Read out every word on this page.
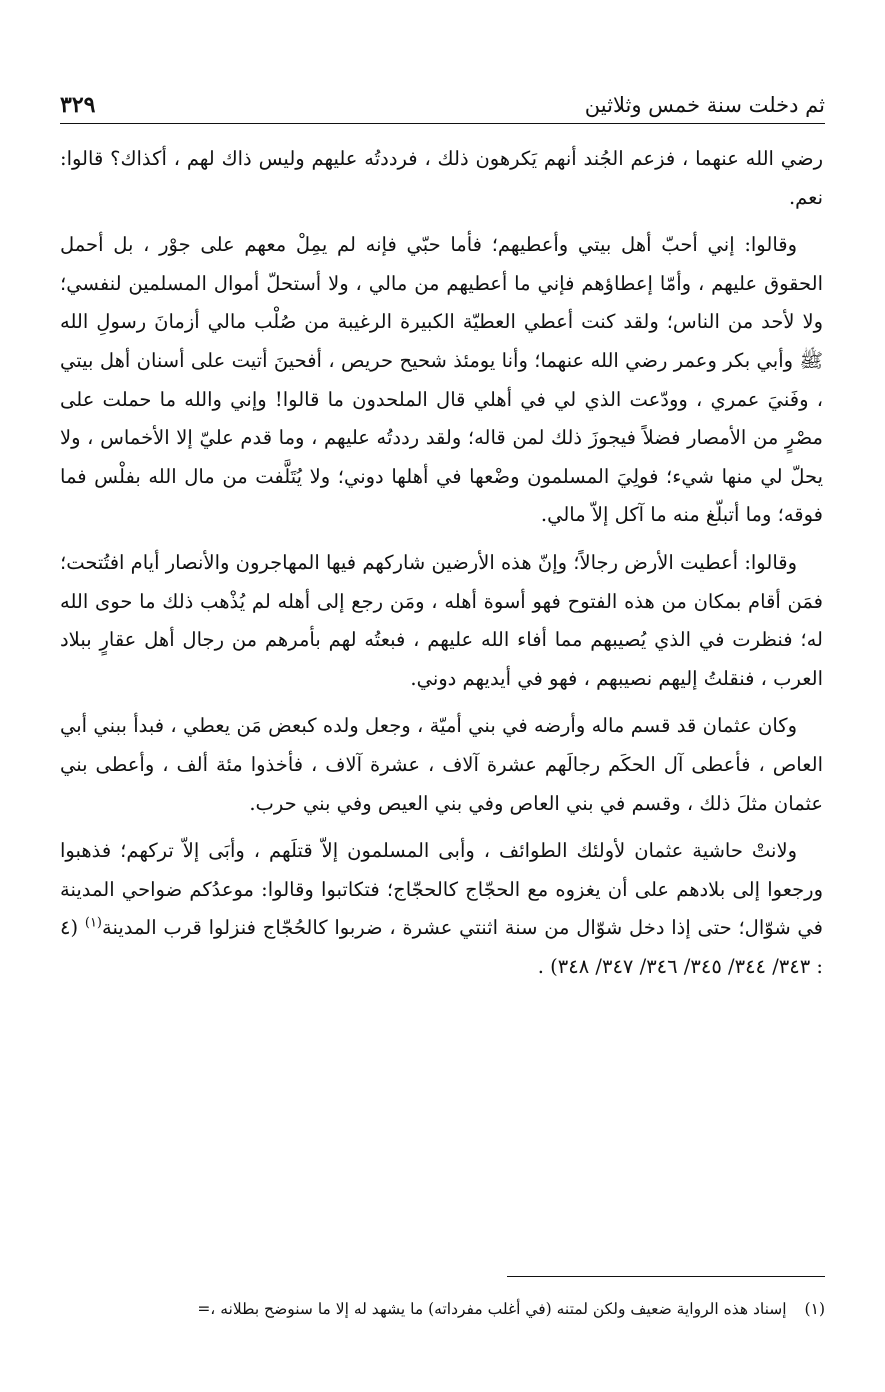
ثم دخلت سنة خمس وثلاثين
٣٢٩

رضي الله عنهما ، فزعم الجُند أنهم يَكرهون ذلك ، فرددتُه عليهم وليس ذاك لهم ، أكذاك؟ قالوا: نعم.

وقالوا: إني أحبّ أهل بيتي وأعطيهم؛ فأما حبّي فإنه لم يمِلْ معهم على جوْر ، بل أحمل الحقوق عليهم ، وأمّا إعطاؤهم فإني ما أعطيهم من مالي ، ولا أستحلّ أموال المسلمين لنفسي؛ ولا لأحد من الناس؛ ولقد كنت أعطي العطيّة الكبيرة الرغيبة من صُلْب مالي أزمانَ رسولِ الله ﷺ وأبي بكر وعمر رضي الله عنهما؛ وأنا يومئذ شحيح حريص ، أفحينَ أتيت على أسنان أهل بيتي ، وفَنيَ عمري ، وودّعت الذي لي في أهلي قال الملحدون ما قالوا! وإني والله ما حملت على مصْرٍ من الأمصار فضلاً فيجوزَ ذلك لمن قاله؛ ولقد رددتُه عليهم ، وما قدم عليّ إلا الأخماس ، ولا يحلّ لي منها شيء؛ فولِيَ المسلمون وضْعها في أهلها دوني؛ ولا يُتَلَّفت من مال الله بفلْس فما فوقه؛ وما أتبلّغ منه ما آكل إلاّ مالي.

وقالوا: أعطيت الأرض رجالاً؛ وإنّ هذه الأرضين شاركهم فيها المهاجرون والأنصار أيام افتُتحت؛ فمَن أقام بمكان من هذه الفتوح فهو أسوة أهله ، ومَن رجع إلى أهله لم يُذْهب ذلك ما حوى الله له؛ فنظرت في الذي يُصيبهم مما أفاء الله عليهم ، فبعتُه لهم بأمرهم من رجال أهل عقارٍ ببلاد العرب ، فنقلتُ إليهم نصيبهم ، فهو في أيديهم دوني.

وكان عثمان قد قسم ماله وأرضه في بني أميّة ، وجعل ولده كبعض مَن يعطي ، فبدأ ببني أبي العاص ، فأعطى آل الحكَم رجالَهم عشرة آلاف ، عشرة آلاف ، فأخذوا مئة ألف ، وأعطى بني عثمان مثلَ ذلك ، وقسم في بني العاص وفي بني العيص وفي بني حرب.

ولانتْ حاشية عثمان لأولئك الطوائف ، وأبى المسلمون إلاّ قتلَهم ، وأبَى إلاّ تركهم؛ فذهبوا ورجعوا إلى بلادهم على أن يغزوه مع الحجّاج كالحجّاج؛ فتكاتبوا وقالوا: موعدُكم ضواحي المدينة في شوّال؛ حتى إذا دخل شوّال من سنة اثنتي عشرة ، ضربوا كالحُجّاج فنزلوا قرب المدينة$^{(١)}$ (٤ : ٣٤٣/ ٣٤٤/ ٣٤٥/ ٣٤٦/ ٣٤٧/ ٣٤٨) .

(١)إسناد هذه الرواية ضعيف ولكن لمتنه (في أغلب مفرداته) ما يشهد له إلا ما سنوضح بطلانه ،=
